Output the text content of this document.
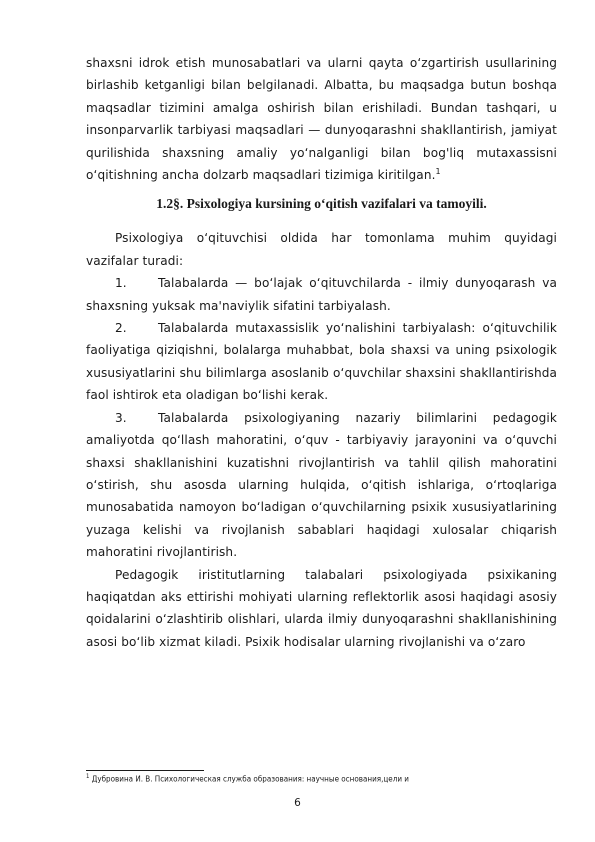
shaxsni idrok etish munosabatlari va ularni qayta o‘zgartirish usullarining birlashib ketganligi bilan belgilanadi. Albatta, bu maqsadga butun boshqa maqsadlar tizimini amalga oshirish bilan erishiladi. Bundan tashqari, u insonparvarlik tarbiyasi maqsadlari — dunyoqarashni shakllantirish, jamiyat qurilishida shaxsning amaliy yo‘nalganligi bilan bog'liq mutaxassisni o‘qitishning ancha dolzarb maqsadlari tizimiga kiritilgan.$^1$

1.2§. Psixologiya kursining o‘qitish vazifalari va tamoyili.

Psixologiya o‘qituvchisi oldida har tomonlama muhim quyidagi vazifalar turadi:

1.	Talabalarda — bo‘lajak o‘qituvchilarda - ilmiy dunyoqarash va shaxsning yuksak ma'naviylik sifatini tarbiyalash.

2.	Talabalarda mutaxassislik yo‘nalishini tarbiyalash: o‘qituvchilik faoliyatiga qiziqishni, bolalarga muhabbat, bola shaxsi va uning psixologik xususiyatlarini shu bilimlarga asoslanib o‘quvchilar shaxsini shakllantirishda faol ishtirok eta oladigan bo‘lishi kerak.

3.	Talabalarda psixologiyaning nazariy bilimlarini pedagogik amaliyotda qo‘llash mahoratini, o‘quv - tarbiyaviy jarayonini va o‘quvchi shaxsi shakllanishini kuzatishni rivojlantirish va tahlil qilish mahoratini o‘stirish, shu asosda ularning hulqida, o‘qitish ishlariga, o‘rtoqlariga munosabatida namoyon bo‘ladigan o‘quvchilarning psixik xususiyatlarining yuzaga kelishi va rivojlanish sabablari haqidagi xulosalar chiqarish mahoratini rivojlantirish.

Pedagogik iristitutlarning talabalari psixologiyada psixikaning haqiqatdan aks ettirishi mohiyati ularning reflektorlik asosi haqidagi asosiy qoidalarini o‘zlashtirib olishlari, ularda ilmiy dunyoqarashni shakllanishining asosi bo‘lib xizmat kiladi. Psixik hodisalar ularning rivojlanishi va o‘zaro

$^1$ Дубровина И. В. Психологическая служба образования: научные основания,цели и
6
